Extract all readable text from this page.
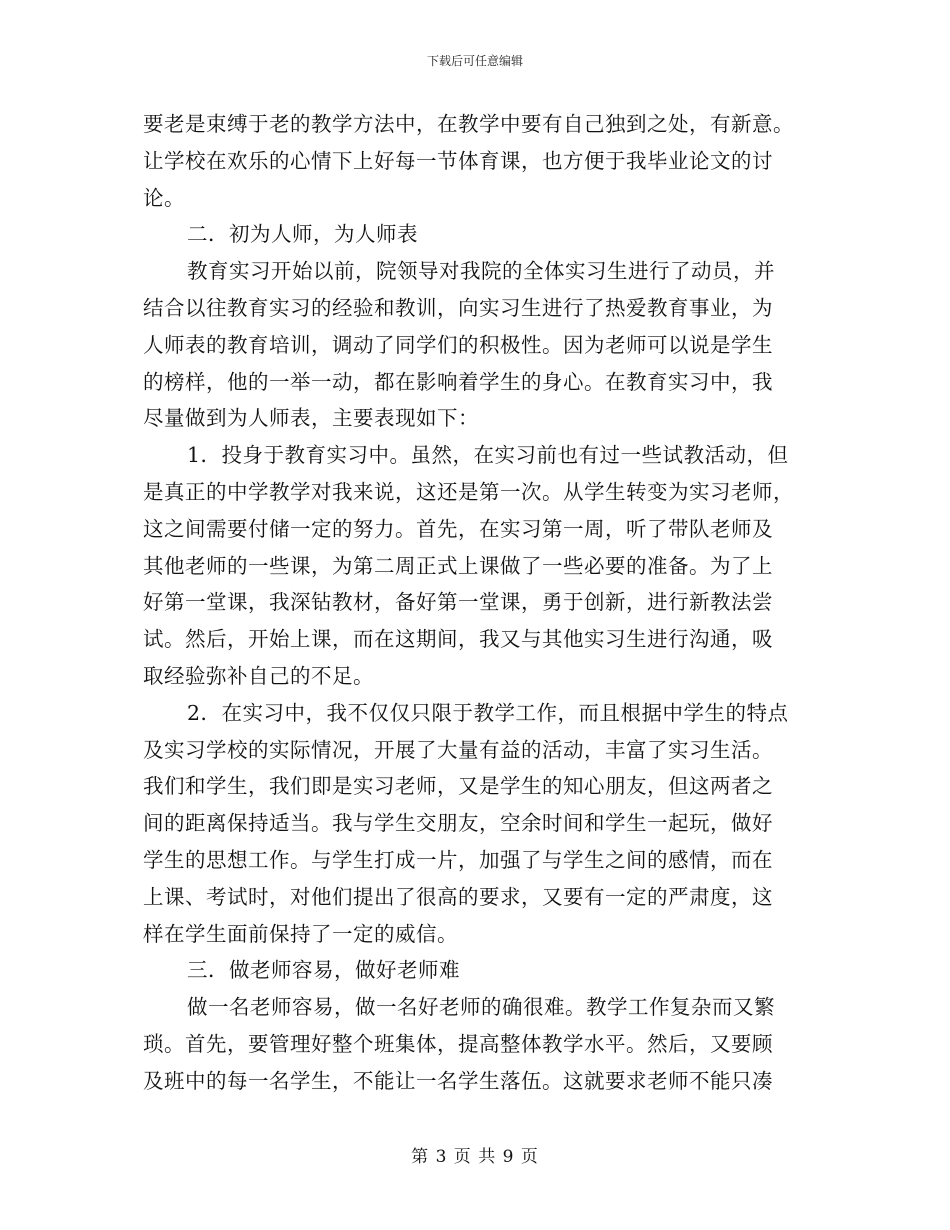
下载后可任意编辑
要老是束缚于老的教学方法中，在教学中要有自己独到之处，有新意。
让学校在欢乐的心情下上好每一节体育课，也方便于我毕业论文的讨
论。
二．初为人师，为人师表
教育实习开始以前，院领导对我院的全体实习生进行了动员，并
结合以往教育实习的经验和教训，向实习生进行了热爱教育事业，为
人师表的教育培训，调动了同学们的积极性。因为老师可以说是学生
的榜样，他的一举一动，都在影响着学生的身心。在教育实习中，我
尽量做到为人师表，主要表现如下：
1．投身于教育实习中。虽然，在实习前也有过一些试教活动，但
是真正的中学教学对我来说，这还是第一次。从学生转变为实习老师，
这之间需要付储一定的努力。首先，在实习第一周，听了带队老师及
其他老师的一些课，为第二周正式上课做了一些必要的准备。为了上
好第一堂课，我深钻教材，备好第一堂课，勇于创新，进行新教法尝
试。然后，开始上课，而在这期间，我又与其他实习生进行沟通，吸
取经验弥补自己的不足。
2．在实习中，我不仅仅只限于教学工作，而且根据中学生的特点
及实习学校的实际情况，开展了大量有益的活动，丰富了实习生活。
我们和学生，我们即是实习老师，又是学生的知心朋友，但这两者之
间的距离保持适当。我与学生交朋友，空余时间和学生一起玩，做好
学生的思想工作。与学生打成一片，加强了与学生之间的感情，而在
上课、考试时，对他们提出了很高的要求，又要有一定的严肃度，这
样在学生面前保持了一定的威信。
三．做老师容易，做好老师难
做一名老师容易，做一名好老师的确很难。教学工作复杂而又繁
琐。首先，要管理好整个班集体，提高整体教学水平。然后，又要顾
及班中的每一名学生，不能让一名学生落伍。这就要求老师不能只凑
第 3 页 共 9 页
